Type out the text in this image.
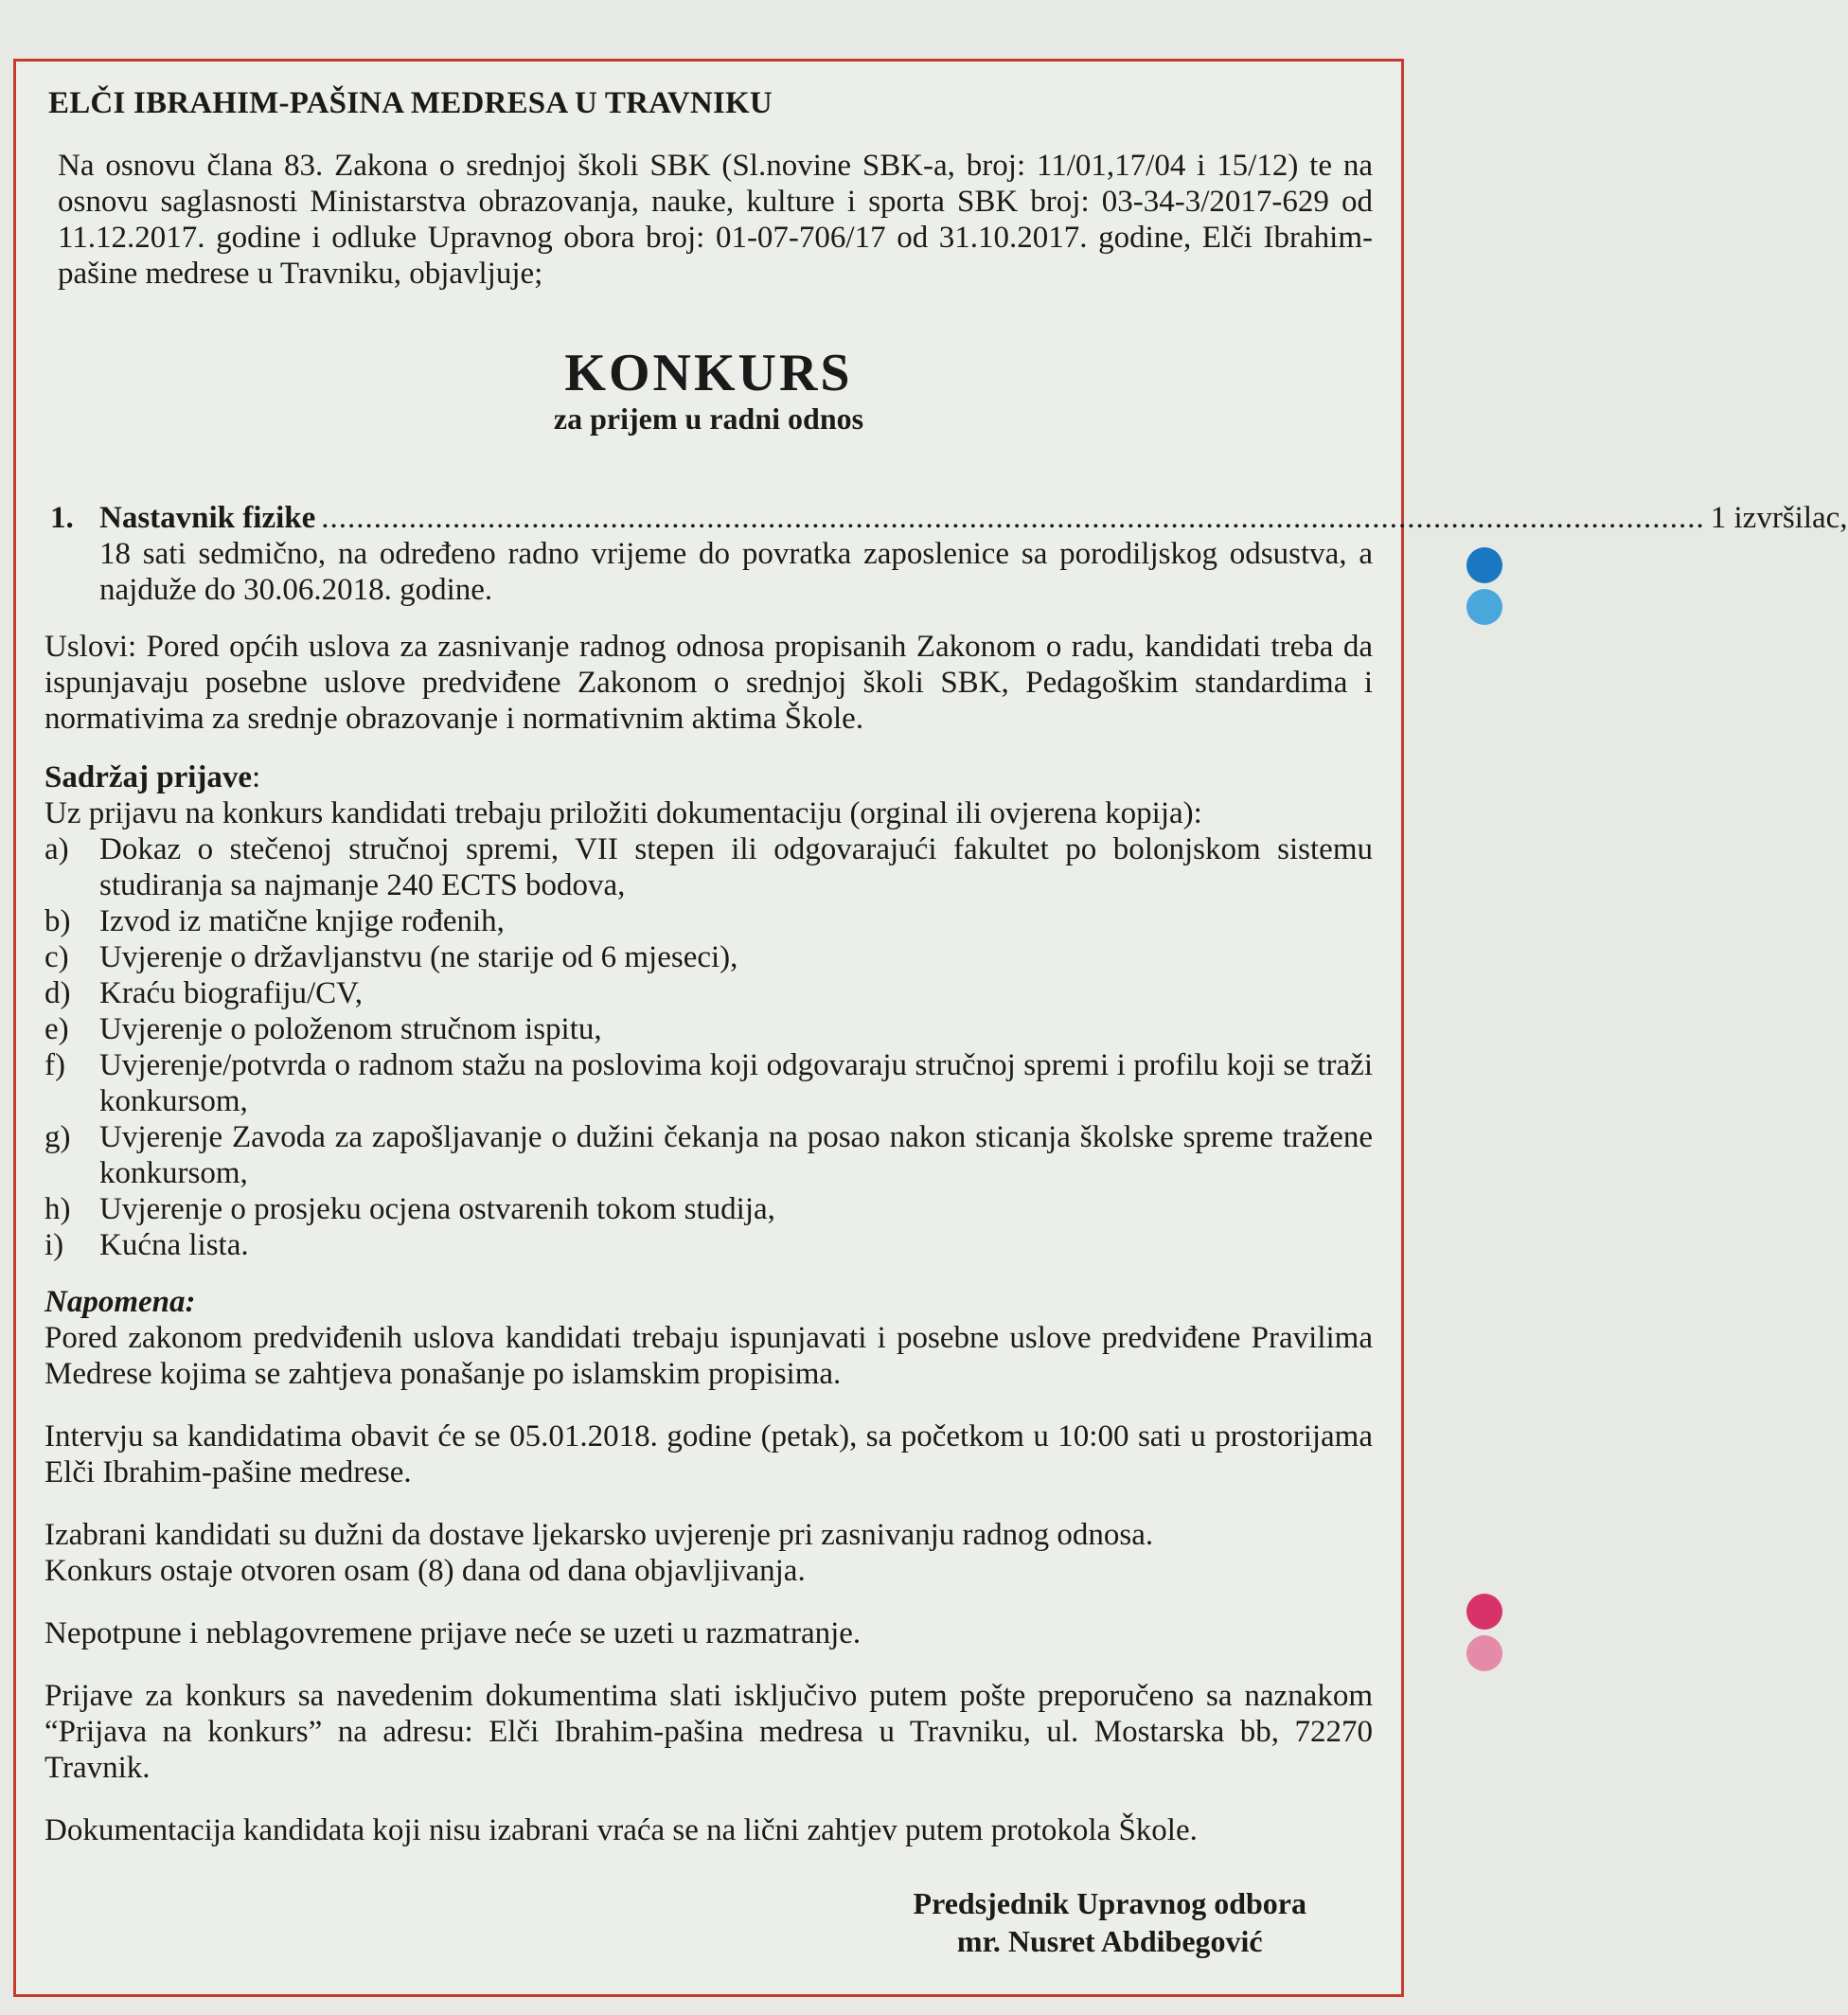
ELČI IBRAHIM-PAŠINA MEDRESA U TRAVNIKU

Na osnovu člana 83. Zakona o srednjoj školi SBK (Sl.novine SBK-a, broj: 11/01,17/04 i 15/12) te na osnovu saglasnosti Ministarstva obrazovanja, nauke, kulture i sporta SBK broj: 03-34-3/2017-629 od 11.12.2017. godine i odluke Upravnog obora broj: 01-07-706/17 od 31.10.2017. godine, Elči Ibrahim-pašine medrese u Travniku, objavljuje;

KONKURS
za prijem u radni odnos
1. Nastavnik fizike .............................................................................................................................................................. 1 izvršilac,
18 sati sedmično, na određeno radno vrijeme do povratka zaposlenice sa porodiljskog odsustva, a najduže do 30.06.2018. godine.
Uslovi: Pored općih uslova za zasnivanje radnog odnosa propisanih Zakonom o radu, kandidati treba da ispunjavaju posebne uslove predviđene Zakonom o srednjoj školi SBK, Pedagoškim standardima i normativima za srednje obrazovanje i normativnim aktima Škole.
Sadržaj prijave:
Uz prijavu na konkurs kandidati trebaju priložiti dokumentaciju (orginal ili ovjerena kopija):
a) Dokaz o stečenoj stručnoj spremi, VII stepen ili odgovarajući fakultet po bolonjskom sistemu studiranja sa najmanje 240 ECTS bodova,
b) Izvod iz matične knjige rođenih,
c) Uvjerenje o državljanstvu (ne starije od 6 mjeseci),
d) Kraću biografiju/CV,
e) Uvjerenje o položenom stručnom ispitu,
f) Uvjerenje/potvrda o radnom stažu na poslovima koji odgovaraju stručnoj spremi i profilu koji se traži konkursom,
g) Uvjerenje Zavoda za zapošljavanje o dužini čekanja na posao nakon sticanja školske spreme tražene konkursom,
h) Uvjerenje o prosjeku ocjena ostvarenih tokom studija,
i) Kućna lista.
Napomena:
Pored zakonom predviđenih uslova kandidati trebaju ispunjavati i posebne uslove predviđene Pravilima Medrese kojima se zahtjeva ponašanje po islamskim propisima.
Intervju sa kandidatima obavit će se 05.01.2018. godine (petak), sa početkom u 10:00 sati u prostorijama Elči Ibrahim-pašine medrese.
Izabrani kandidati su dužni da dostave ljekarsko uvjerenje pri zasnivanju radnog odnosa.
Konkurs ostaje otvoren osam (8) dana od dana objavljivanja.
Nepotpune i neblagovremene prijave neće se uzeti u razmatranje.
Prijave za konkurs sa navedenim dokumentima slati isključivo putem pošte preporučeno sa naznakom “Prijava na konkurs” na adresu: Elči Ibrahim-pašina medresa u Travniku, ul. Mostarska bb, 72270 Travnik.
Dokumentacija kandidata koji nisu izabrani vraća se na lični zahtjev putem protokola Škole.
Predsjednik Upravnog odbora
mr. Nusret Abdibegović
